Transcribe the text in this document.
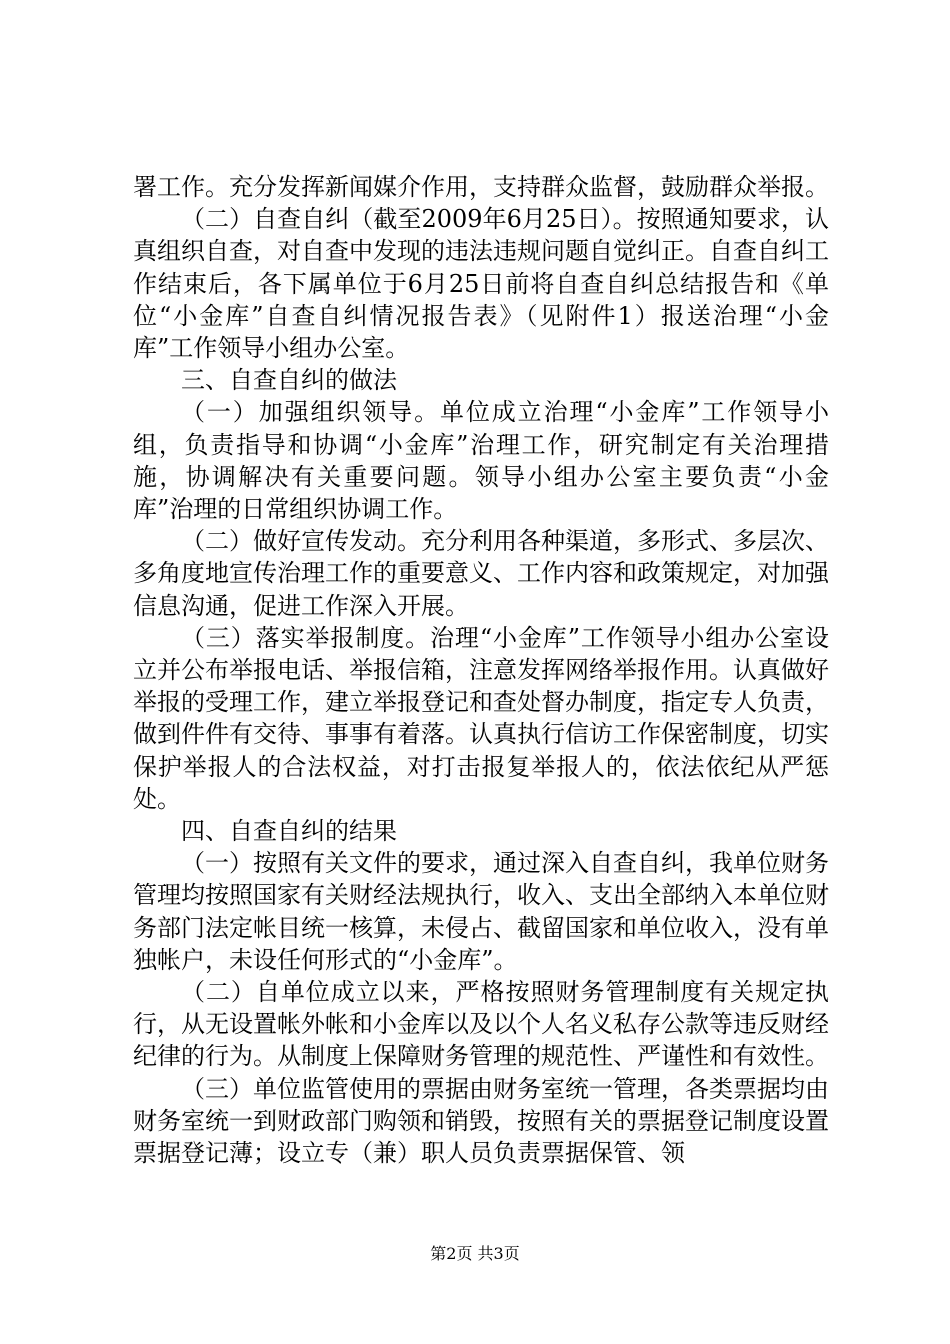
署工作。充分发挥新闻媒介作用，支持群众监督，鼓励群众举报。

（二）自查自纠（截至2009年6月25日）。按照通知要求，认真组织自查，对自查中发现的违法违规问题自觉纠正。自查自纠工作结束后，各下属单位于6月25日前将自查自纠总结报告和《单位“小金库”自查自纠情况报告表》（见附件1）报送治理“小金库”工作领导小组办公室。

三、自查自纠的做法

（一）加强组织领导。单位成立治理“小金库”工作领导小组，负责指导和协调“小金库”治理工作，研究制定有关治理措施，协调解决有关重要问题。领导小组办公室主要负责“小金库”治理的日常组织协调工作。

（二）做好宣传发动。充分利用各种渠道，多形式、多层次、多角度地宣传治理工作的重要意义、工作内容和政策规定，对加强信息沟通，促进工作深入开展。

（三）落实举报制度。治理“小金库”工作领导小组办公室设立并公布举报电话、举报信箱，注意发挥网络举报作用。认真做好举报的受理工作，建立举报登记和查处督办制度，指定专人负责，做到件件有交待、事事有着落。认真执行信访工作保密制度，切实保护举报人的合法权益，对打击报复举报人的，依法依纪从严惩处。

四、自查自纠的结果

（一）按照有关文件的要求，通过深入自查自纠，我单位财务管理均按照国家有关财经法规执行，收入、支出全部纳入本单位财务部门法定帐目统一核算，未侵占、截留国家和单位收入，没有单独帐户，未设任何形式的“小金库”。

（二）自单位成立以来，严格按照财务管理制度有关规定执行，从无设置帐外帐和小金库以及以个人名义私存公款等违反财经纪律的行为。从制度上保障财务管理的规范性、严谨性和有效性。

（三）单位监管使用的票据由财务室统一管理，各类票据均由财务室统一到财政部门购领和销毁，按照有关的票据登记制度设置票据登记薄；设立专（兼）职人员负责票据保管、领

第2页 共3页
